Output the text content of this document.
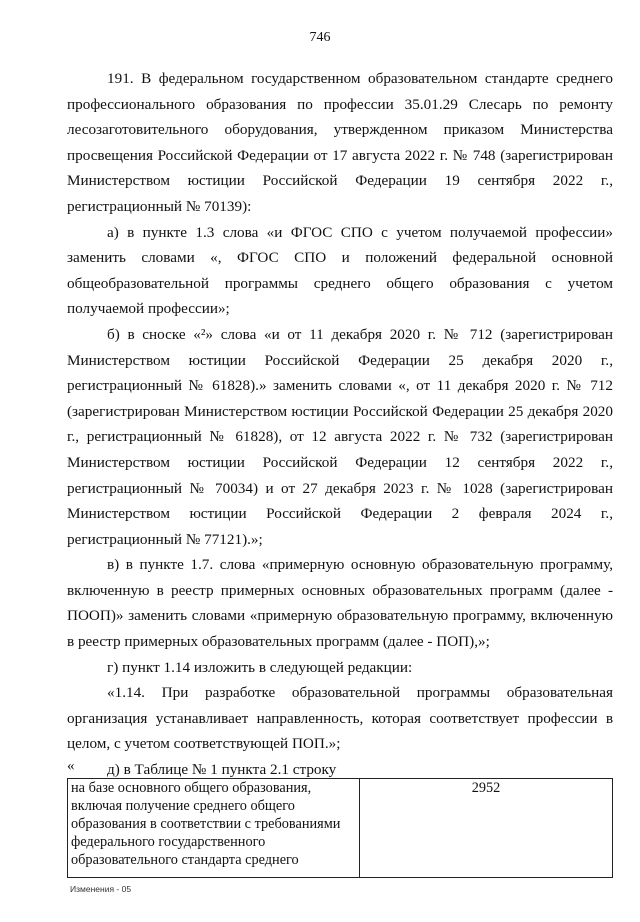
746

191. В федеральном государственном образовательном стандарте среднего профессионального образования по профессии 35.01.29 Слесарь по ремонту лесозаготовительного оборудования, утвержденном приказом Министерства просвещения Российской Федерации от 17 августа 2022 г. № 748 (зарегистрирован Министерством юстиции Российской Федерации 19 сентября 2022 г., регистрационный № 70139):

а) в пункте 1.3 слова «и ФГОС СПО с учетом получаемой профессии» заменить словами «, ФГОС СПО и положений федеральной основной общеобразовательной программы среднего общего образования с учетом получаемой профессии»;

б) в сноске «²» слова «и от 11 декабря 2020 г. № 712 (зарегистрирован Министерством юстиции Российской Федерации 25 декабря 2020 г., регистрационный № 61828).» заменить словами «, от 11 декабря 2020 г. № 712 (зарегистрирован Министерством юстиции Российской Федерации 25 декабря 2020 г., регистрационный № 61828), от 12 августа 2022 г. № 732 (зарегистрирован Министерством юстиции Российской Федерации 12 сентября 2022 г., регистрационный № 70034) и от 27 декабря 2023 г. № 1028 (зарегистрирован Министерством юстиции Российской Федерации 2 февраля 2024 г., регистрационный № 77121).»;

в) в пункте 1.7. слова «примерную основную образовательную программу, включенную в реестр примерных основных образовательных программ (далее - ПООП)» заменить словами «примерную образовательную программу, включенную в реестр примерных образовательных программ (далее - ПОП),»;

г) пункт 1.14 изложить в следующей редакции:

«1.14. При разработке образовательной программы образовательная организация устанавливает направленность, которая соответствует профессии в целом, с учетом соответствующей ПОП.»;

д) в Таблице № 1 пункта 2.1 строку

«
на базе основного общего образования, включая получение среднего общего образования в соответствии с требованиями федерального государственного образовательного стандарта среднего	2952
Изменения - 05
